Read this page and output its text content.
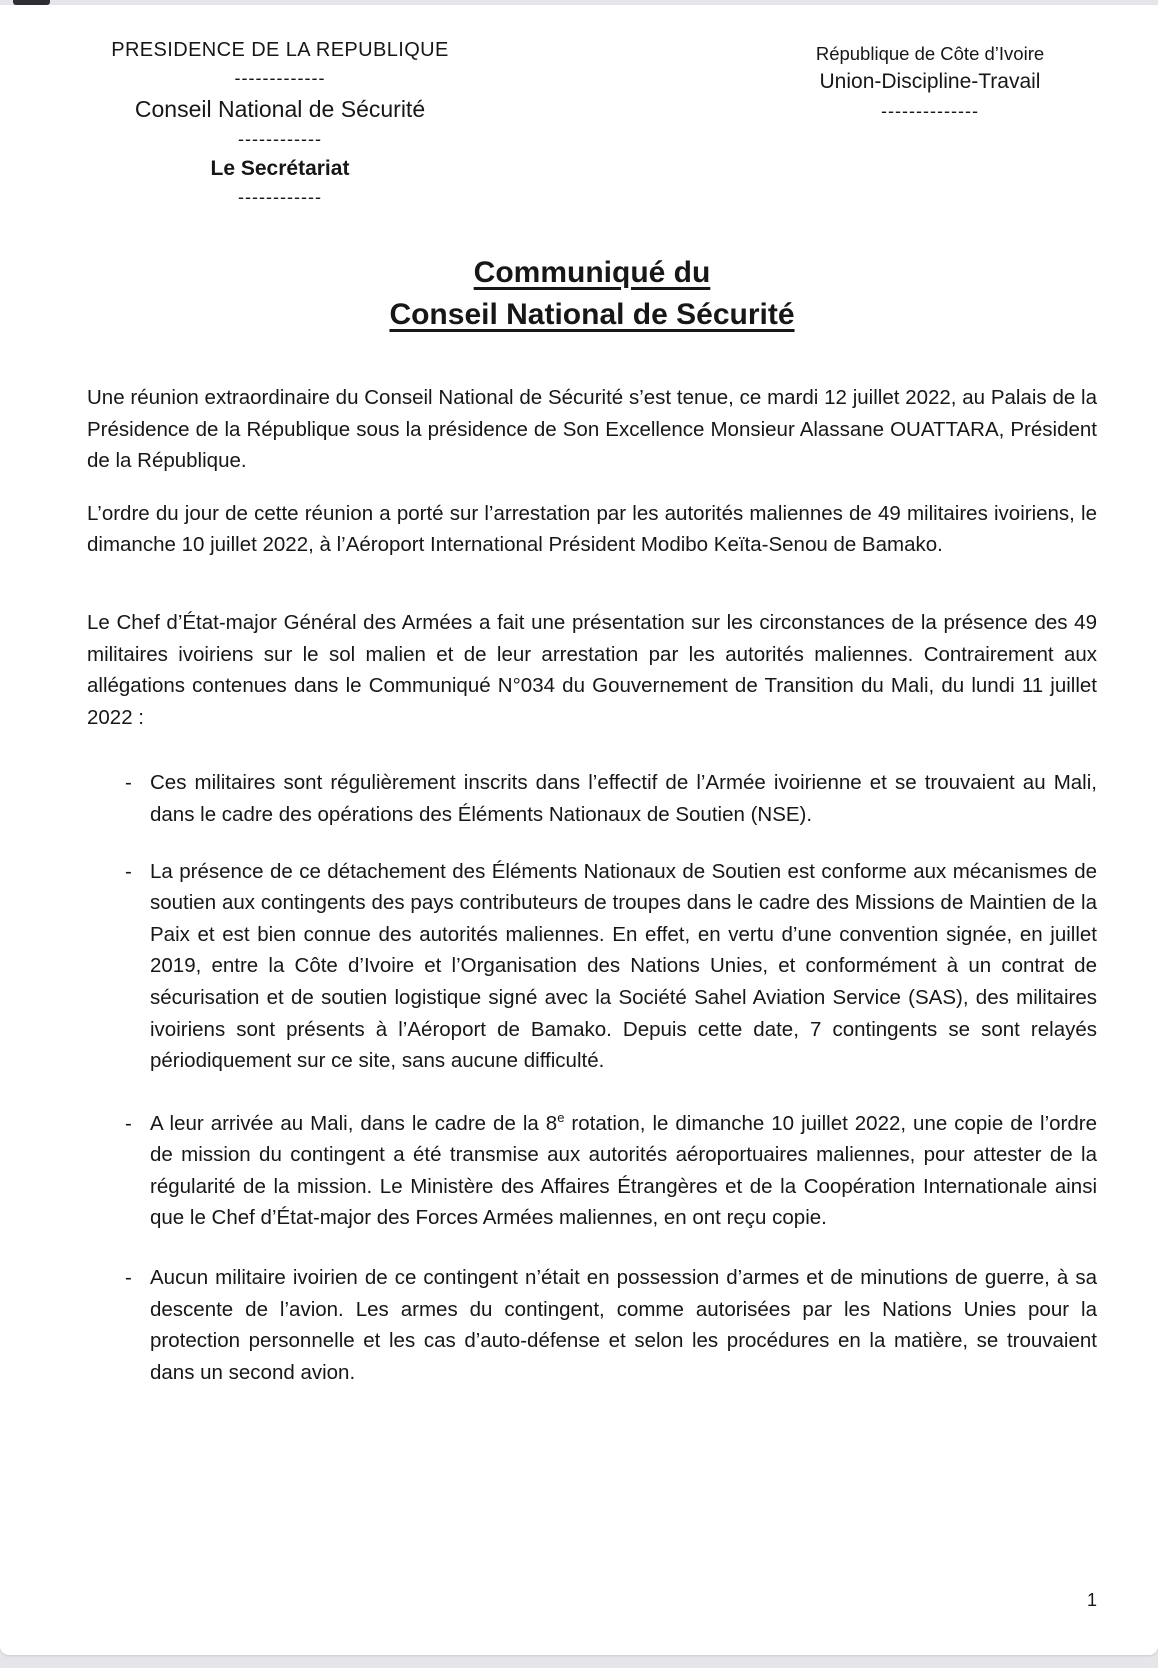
PRESIDENCE DE LA REPUBLIQUE
-------------
Conseil National de Sécurité
------------
Le Secrétariat
------------
République de Côte d’Ivoire
Union-Discipline-Travail
--------------
Communiqué du
Conseil National de Sécurité

Une réunion extraordinaire du Conseil National de Sécurité s’est tenue, ce mardi 12 juillet 2022, au Palais de la Présidence de la République sous la présidence de Son Excellence Monsieur Alassane OUATTARA, Président de la République.

L’ordre du jour de cette réunion a porté sur l’arrestation par les autorités maliennes de 49 militaires ivoiriens, le dimanche 10 juillet 2022, à l’Aéroport International Président Modibo Keïta-Senou de Bamako.

Le Chef d’État-major Général des Armées a fait une présentation sur les circonstances de la présence des 49 militaires ivoiriens sur le sol malien et de leur arrestation par les autorités maliennes. Contrairement aux allégations contenues dans le Communiqué N°034 du Gouvernement de Transition du Mali, du lundi 11 juillet 2022 :

- Ces militaires sont régulièrement inscrits dans l’effectif de l’Armée ivoirienne et se trouvaient au Mali, dans le cadre des opérations des Éléments Nationaux de Soutien (NSE).
- La présence de ce détachement des Éléments Nationaux de Soutien est conforme aux mécanismes de soutien aux contingents des pays contributeurs de troupes dans le cadre des Missions de Maintien de la Paix et est bien connue des autorités maliennes. En effet, en vertu d’une convention signée, en juillet 2019, entre la Côte d’Ivoire et l’Organisation des Nations Unies, et conformément à un contrat de sécurisation et de soutien logistique signé avec la Société Sahel Aviation Service (SAS), des militaires ivoiriens sont présents à l’Aéroport de Bamako. Depuis cette date, 7 contingents se sont relayés périodiquement sur ce site, sans aucune difficulté.
- A leur arrivée au Mali, dans le cadre de la 8e rotation, le dimanche 10 juillet 2022, une copie de l’ordre de mission du contingent a été transmise aux autorités aéroportuaires maliennes, pour attester de la régularité de la mission. Le Ministère des Affaires Étrangères et de la Coopération Internationale ainsi que le Chef d’État-major des Forces Armées maliennes, en ont reçu copie.
- Aucun militaire ivoirien de ce contingent n’était en possession d’armes et de minutions de guerre, à sa descente de l’avion. Les armes du contingent, comme autorisées par les Nations Unies pour la protection personnelle et les cas d’auto-défense et selon les procédures en la matière, se trouvaient dans un second avion.
1
